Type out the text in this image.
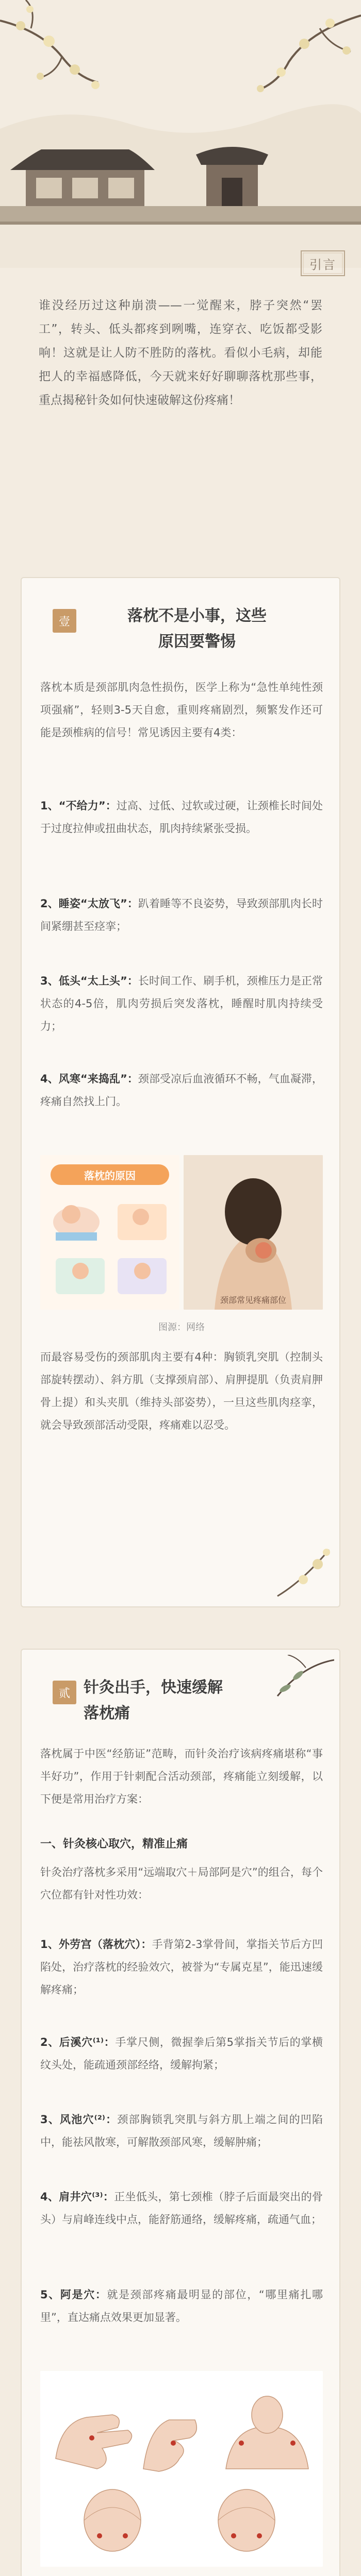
引言
谁没经历过这种崩溃——一觉醒来，脖子突然“罢工”，转头、低头都疼到咧嘴，连穿衣、吃饭都受影响！这就是让人防不胜防的落枕。看似小毛病，却能把人的幸福感降低，今天就来好好聊聊落枕那些事，重点揭秘针灸如何快速破解这份疼痛！
壹	落枕不是小事，这些
原因要警惕
落枕本质是颈部肌肉急性损伤，医学上称为“急性单纯性颈项强痛”，轻则3-5天自愈，重则疼痛剧烈，频繁发作还可能是颈椎病的信号！常见诱因主要有4类：
1、“不给力”：过高、过低、过软或过硬，让颈椎长时间处于过度拉伸或扭曲状态，肌肉持续紧张受损。
2、睡姿“太放飞”：趴着睡等不良姿势，导致颈部肌肉长时间紧绷甚至痉挛；
3、低头“太上头”：长时间工作、刷手机，颈椎压力是正常状态的4-5倍，肌肉劳损后突发落枕，睡醒时肌肉持续受力；
4、风寒“来捣乱”：颈部受凉后血液循环不畅，气血凝滞，疼痛自然找上门。
落枕的原因
颈部常见疼痛部位
图源：网络
而最容易受伤的颈部肌肉主要有4种：胸锁乳突肌（控制头部旋转摆动）、斜方肌（支撑颈肩部）、肩胛提肌（负责肩胛骨上提）和头夹肌（维持头部姿势），一旦这些肌肉痉挛，就会导致颈部活动受限，疼痛难以忍受。
贰 针灸出手，快速缓解
落枕痛
落枕属于中医“经筋证”范畴，而针灸治疗该病疼痛堪称“事半好功”，作用于针刺配合活动颈部，疼痛能立刻缓解，以下便是常用治疗方案：
一、针灸核心取穴，精准止痛
针灸治疗落枕多采用“远端取穴＋局部阿是穴”的组合，每个穴位都有针对性功效：
1、外劳宫（落枕穴）：手背第2-3掌骨间，掌指关节后方凹陷处，治疗落枕的经验效穴，被誉为“专属克星”，能迅速缓解疼痛；
2、后溪穴⁽¹⁾：手掌尺侧，微握拳后第5掌指关节后的掌横纹头处，能疏通颈部经络，缓解拘紧；
3、风池穴⁽²⁾：颈部胸锁乳突肌与斜方肌上端之间的凹陷中，能祛风散寒，可解散颈部风寒，缓解肿痛；
4、肩井穴⁽³⁾：正坐低头，第七颈椎（脖子后面最突出的骨头）与肩峰连线中点，能舒筋通络，缓解疼痛，疏通气血；
5、阿是穴：就是颈部疼痛最明显的部位，“哪里痛扎哪里”，直达痛点效果更加显著。
